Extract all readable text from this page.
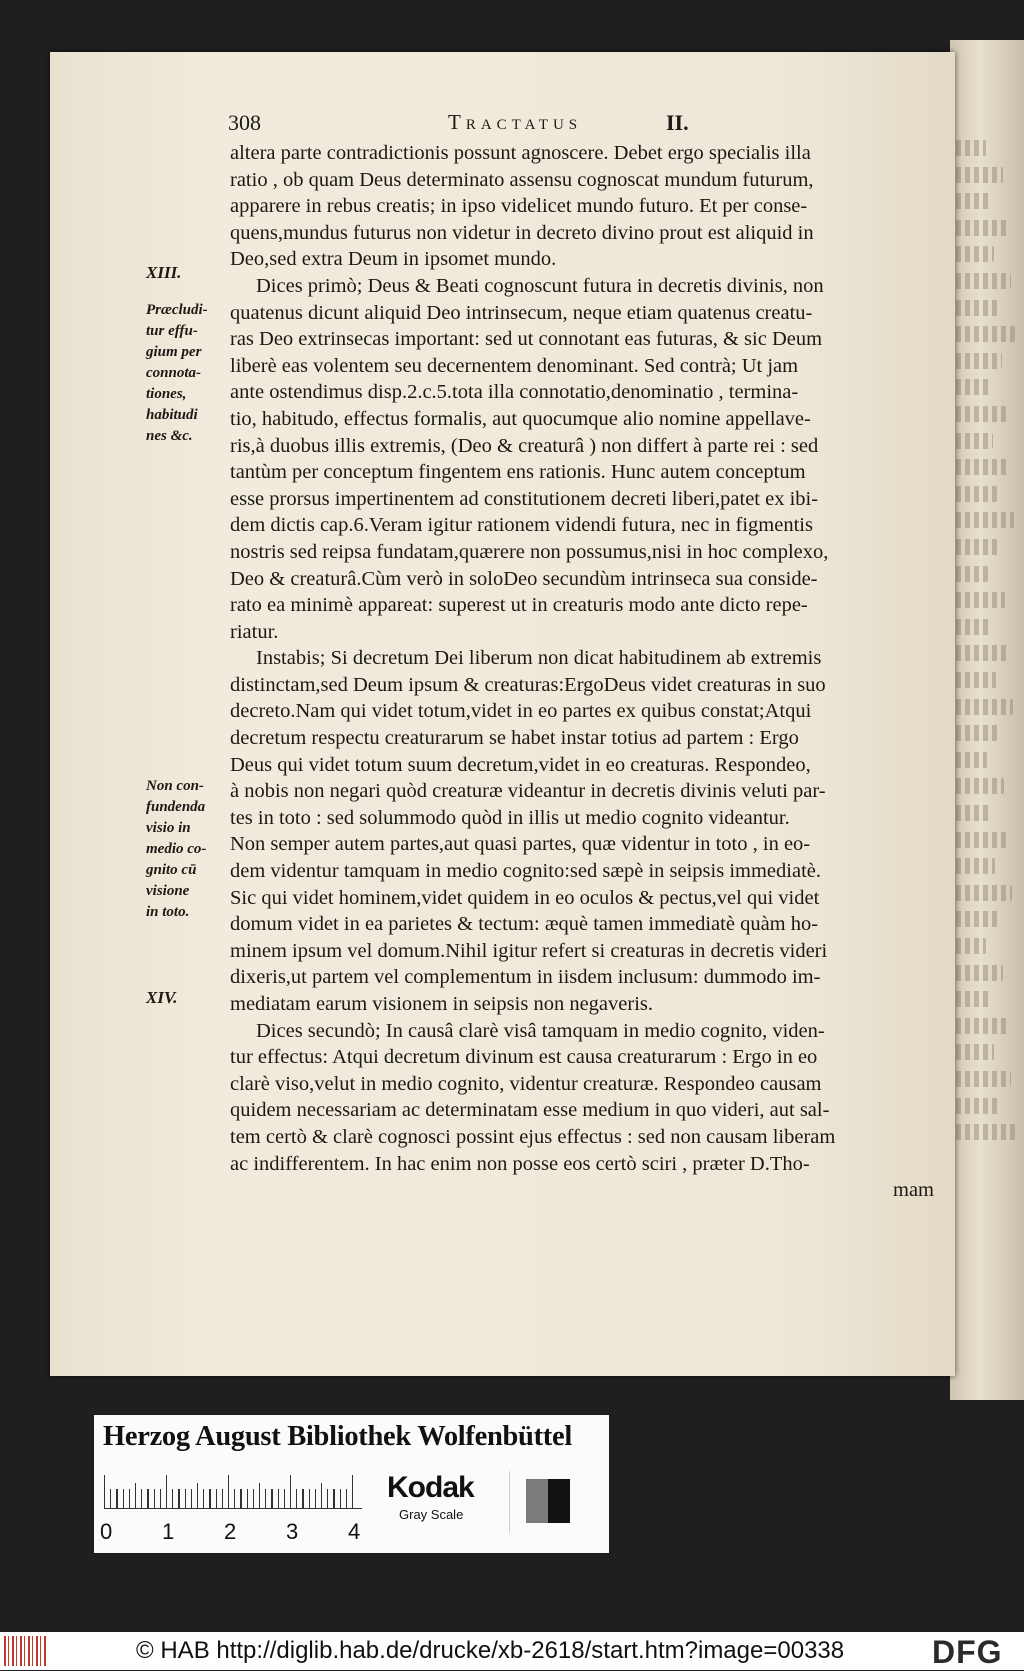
308	Tractatus	II.
XIII.
Præcludi-
tur effu-
gium per
connota-
tiones,
habitudi
nes &c.
Non con-
fundenda
visio in
medio co-
gnito cū
visione
in toto.
XIV.
altera parte contradictionis possunt agnoscere. Debet ergo specialis illa
ratio , ob quam Deus determinato assensu cognoscat mundum futurum,
apparere in rebus creatis; in ipso videlicet mundo futuro. Et per conse-
quens,mundus futurus non videtur in decreto divino prout est aliquid in
Deo,sed extra Deum in ipsomet mundo.
Dices primò; Deus & Beati cognoscunt futura in decretis divinis, non
quatenus dicunt aliquid Deo intrinsecum, neque etiam quatenus creatu-
ras Deo extrinsecas important: sed ut connotant eas futuras, & sic Deum
liberè eas volentem seu decernentem denominant. Sed contrà; Ut jam
ante ostendimus disp.2.c.5.tota illa connotatio,denominatio , termina-
tio, habitudo, effectus formalis, aut quocumque alio nomine appellave-
ris,à duobus illis extremis, (Deo & creaturâ ) non differt à parte rei : sed
tantùm per conceptum fingentem ens rationis. Hunc autem conceptum
esse prorsus impertinentem ad constitutionem decreti liberi,patet ex ibi-
dem dictis cap.6.Veram igitur rationem videndi futura, nec in figmentis
nostris sed reipsa fundatam,quærere non possumus,nisi in hoc complexo,
Deo & creaturâ.Cùm verò in soloDeo secundùm intrinseca sua conside-
rato ea minimè appareat: superest ut in creaturis modo ante dicto repe-
riatur.
Instabis; Si decretum Dei liberum non dicat habitudinem ab extremis
distinctam,sed Deum ipsum & creaturas:ErgoDeus videt creaturas in suo
decreto.Nam qui videt totum,videt in eo partes ex quibus constat;Atqui
decretum respectu creaturarum se habet instar totius ad partem : Ergo
Deus qui videt totum suum decretum,videt in eo creaturas. Respondeo,
à nobis non negari quòd creaturæ videantur in decretis divinis veluti par-
tes in toto : sed solummodo quòd in illis ut medio cognito videantur.
Non semper autem partes,aut quasi partes, quæ videntur in toto , in eo-
dem videntur tamquam in medio cognito:sed sæpè in seipsis immediatè.
Sic qui videt hominem,videt quidem in eo oculos & pectus,vel qui videt
domum videt in ea parietes & tectum: æquè tamen immediatè quàm ho-
minem ipsum vel domum.Nihil igitur refert si creaturas in decretis videri
dixeris,ut partem vel complementum in iisdem inclusum: dummodo im-
mediatam earum visionem in seipsis non negaveris.
Dices secundò; In causâ clarè visâ tamquam in medio cognito, viden-
tur effectus: Atqui decretum divinum est causa creaturarum : Ergo in eo
clarè viso,velut in medio cognito, videntur creaturæ. Respondeo causam
quidem necessariam ac determinatam esse medium in quo videri, aut sal-
tem certò & clarè cognosci possint ejus effectus : sed non causam liberam
ac indifferentem. In hac enim non posse eos certò sciri , præter D.Tho-
mam
Herzog August Bibliothek Wolfenbüttel
0 1 2 3 4
Kodak
Gray Scale
© HAB http://diglib.hab.de/drucke/xb-2618/start.htm?image=00338	DFG
